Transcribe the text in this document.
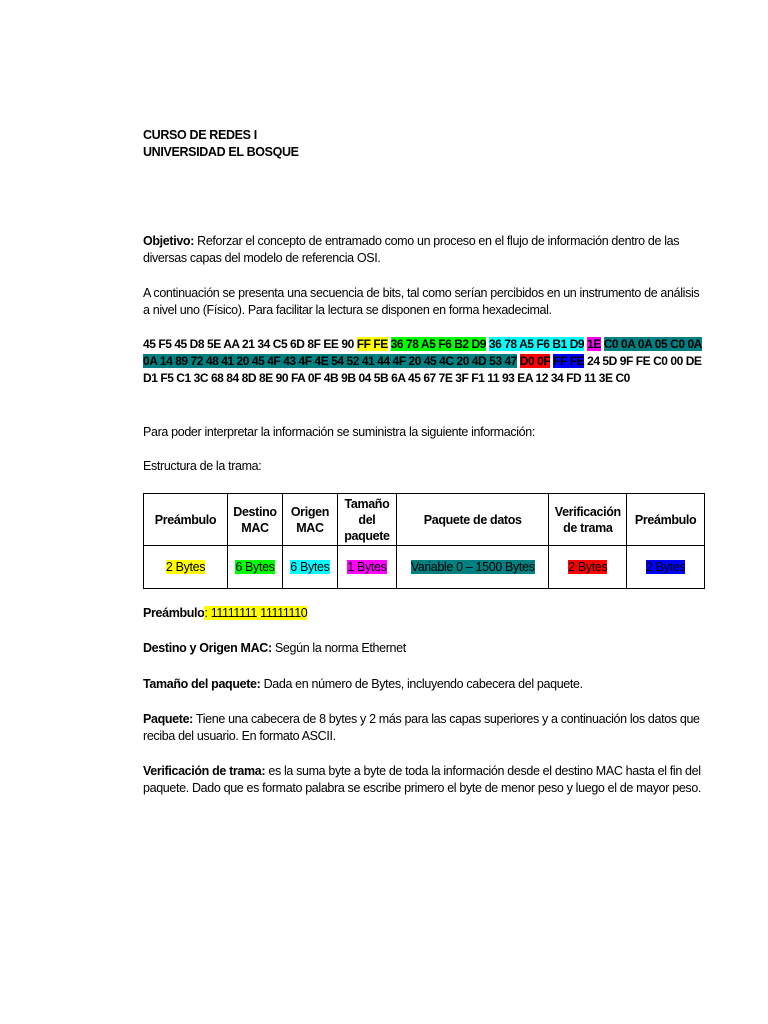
CURSO DE REDES I
UNIVERSIDAD EL BOSQUE
Objetivo: Reforzar el concepto de entramado como un proceso en el flujo de información dentro de las diversas capas del modelo de referencia OSI.
A continuación se presenta una secuencia de bits, tal como serían percibidos en un instrumento de análisis a nivel uno (Físico). Para facilitar la lectura se disponen en forma hexadecimal.
45 F5 45 D8 5E AA 21 34 C5 6D 8F EE 90 FF FE 36 78 A5 F6 B2 D9 36 78 A5 F6 B1 D9 1E C0 0A 0A 05 C0 0A 0A 14 89 72 48 41 20 45 4F 43 4F 4E 54 52 41 44 4F 20 45 4C 20 4D 53 47 D0 0F FF FE 24 5D 9F FE C0 00 DE D1 F5 C1 3C 68 84 8D 8E 90 FA 0F 4B 9B 04 5B 6A 45 67 7E 3F F1 11 93 EA 12 34 FD 11 3E C0
Para poder interpretar la información se suministra la siguiente información:
Estructura de la trama:
Preámbulo	Destino MAC	Origen MAC	Tamaño del paquete	Paquete de datos	Verificación de trama	Preámbulo
2 Bytes	6 Bytes	6 Bytes	1 Bytes	Variable 0 – 1500 Bytes	2 Bytes	2 Bytes
Preámbulo: 11111111 11111110
Destino y Origen MAC: Según la norma Ethernet
Tamaño del paquete: Dada en número de Bytes, incluyendo cabecera del paquete.
Paquete: Tiene una cabecera de 8 bytes y 2 más para las capas superiores y a continuación los datos que reciba del usuario. En formato ASCII.
Verificación de trama: es la suma byte a byte de toda la información desde el destino MAC hasta el fin del paquete. Dado que es formato palabra se escribe primero el byte de menor peso y luego el de mayor peso.
